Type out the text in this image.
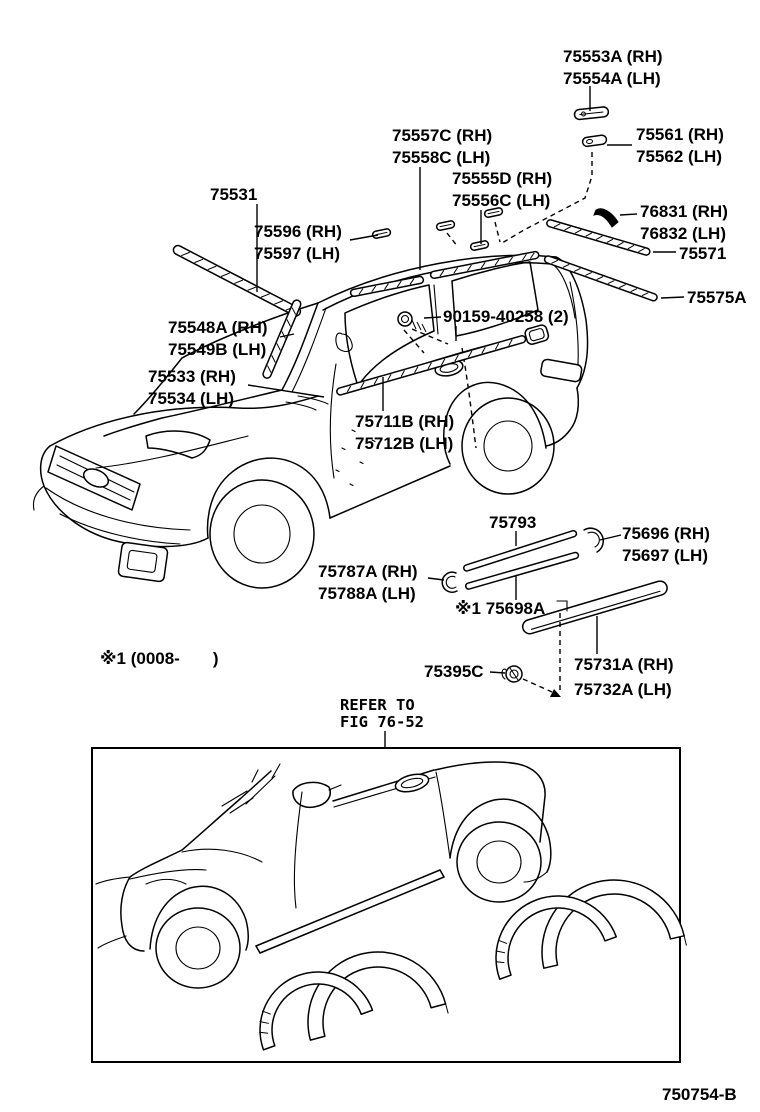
75553A (RH)
75554A (LH)
75561 (RH)
75562 (LH)
75557C (RH)
75558C (LH)
75555D (RH)
75556C (LH)
76831 (RH)
76832 (LH)
75571
75575A
75531
75596 (RH)
75597 (LH)
75548A (RH)
75549B (LH)
75533 (RH)
75534 (LH)
90159-40258 (2)
75711B (RH)
75712B (LH)
75793
75696 (RH)
75697 (LH)
75787A (RH)
75788A (LH)
※1 75698A
75395C	75731A (RH)
75732A (LH)
※1 (0008-       )
REFER TO
FIG 76-52
750754-B
